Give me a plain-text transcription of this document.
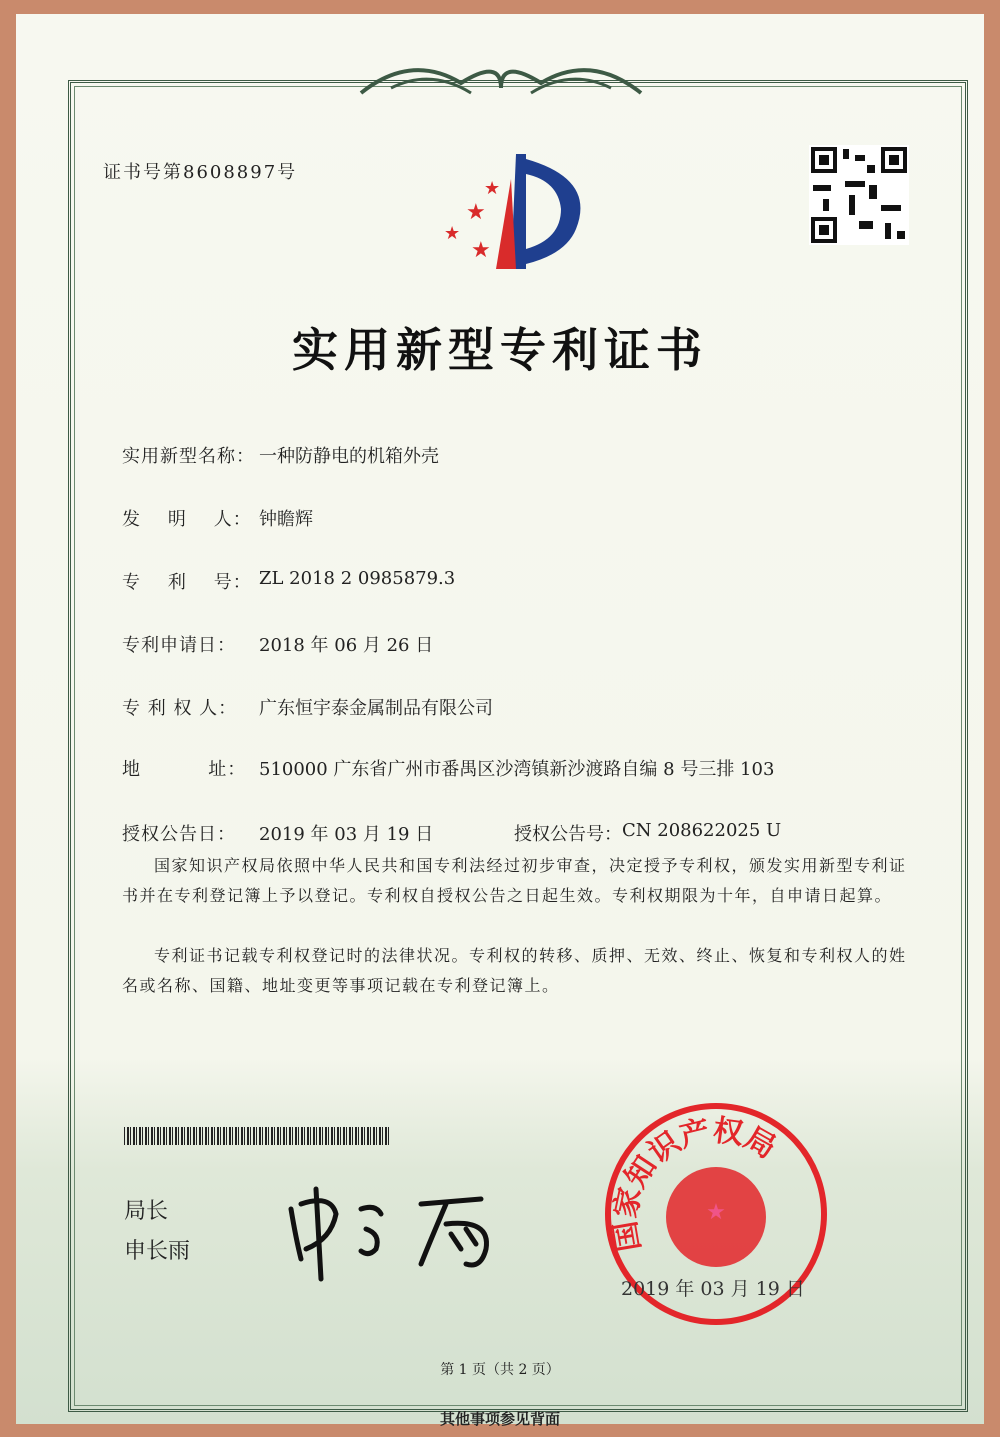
证书号第8608897号
★
★
★
★
实用新型专利证书
实用新型名称： 一种防静电的机箱外壳
发    明    人： 钟瞻辉
专    利    号： ZL 2018 2 0985879.3
专利申请日：	2018 年 06 月 26 日
专 利 权 人：	广东恒宇泰金属制品有限公司
地          址： 510000 广东省广州市番禺区沙湾镇新沙渡路自编 8 号三排 103
授权公告日：	2019 年 03 月 19 日	授权公告号： CN 208622025 U
国家知识产权局依照中华人民共和国专利法经过初步审查，决定授予专利权，颁发实用新型专利证书并在专利登记簿上予以登记。专利权自授权公告之日起生效。专利权期限为十年，自申请日起算。
专利证书记载专利权登记时的法律状况。专利权的转移、质押、无效、终止、恢复和专利权人的姓名或名称、国籍、地址变更等事项记载在专利登记簿上。
局长
申长雨	国家知识产权局
★
2019 年 03 月 19 日
第 1 页（共 2 页）
其他事项参见背面
